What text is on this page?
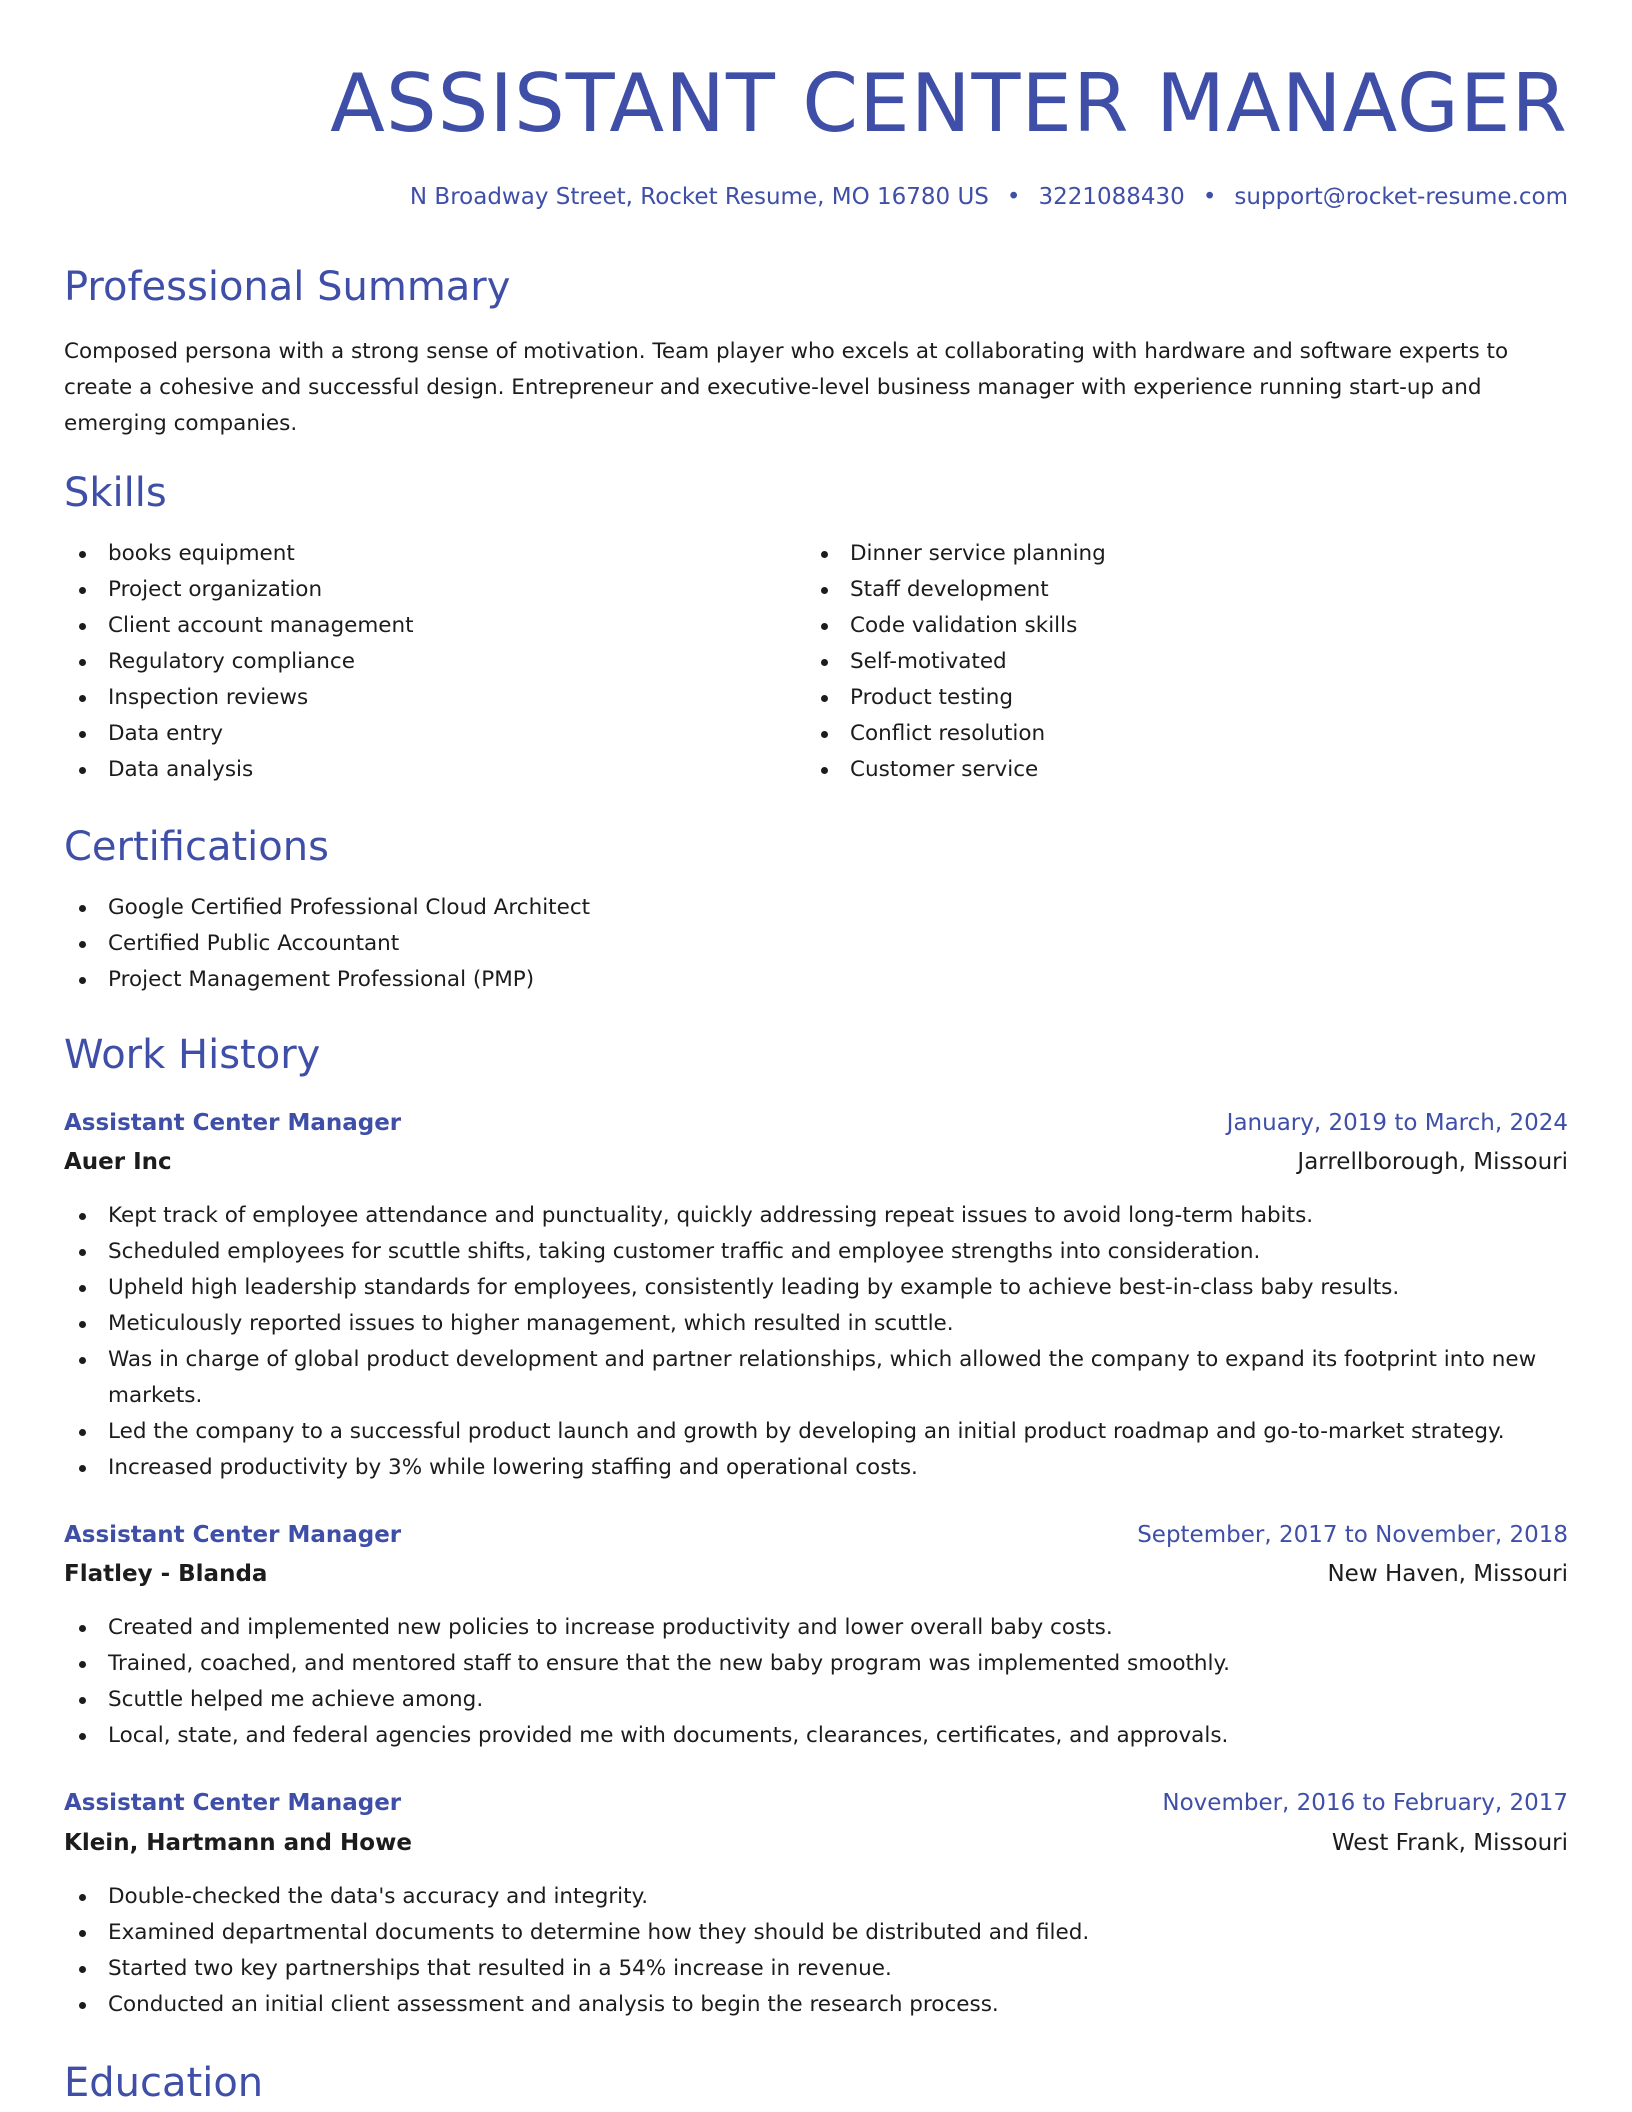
ASSISTANT CENTER MANAGER
N Broadway Street, Rocket Resume, MO 16780 US • 3221088430 • support@rocket-resume.com
Professional Summary

Composed persona with a strong sense of motivation. Team player who excels at collaborating with hardware and software experts to create a cohesive and successful design. Entrepreneur and executive-level business manager with experience running start-up and emerging companies.

Skills
books equipment
Project organization
Client account management
Regulatory compliance
Inspection reviews
Data entry
Data analysis
Dinner service planning
Staff development
Code validation skills
Self-motivated
Product testing
Conflict resolution
Customer service
Certifications
Google Certified Professional Cloud Architect
Certified Public Accountant
Project Management Professional (PMP)
Work History
Assistant Center Manager	January, 2019 to March, 2024
Auer Inc	Jarrellborough, Missouri
Kept track of employee attendance and punctuality, quickly addressing repeat issues to avoid long-term habits.
Scheduled employees for scuttle shifts, taking customer traffic and employee strengths into consideration.
Upheld high leadership standards for employees, consistently leading by example to achieve best-in-class baby results.
Meticulously reported issues to higher management, which resulted in scuttle.
Was in charge of global product development and partner relationships, which allowed the company to expand its footprint into new markets.
Led the company to a successful product launch and growth by developing an initial product roadmap and go-to-market strategy.
Increased productivity by 3% while lowering staffing and operational costs.
Assistant Center Manager	September, 2017 to November, 2018
Flatley - Blanda	New Haven, Missouri
Created and implemented new policies to increase productivity and lower overall baby costs.
Trained, coached, and mentored staff to ensure that the new baby program was implemented smoothly.
Scuttle helped me achieve among.
Local, state, and federal agencies provided me with documents, clearances, certificates, and approvals.
Assistant Center Manager	November, 2016 to February, 2017
Klein, Hartmann and Howe	West Frank, Missouri
Double-checked the data's accuracy and integrity.
Examined departmental documents to determine how they should be distributed and filed.
Started two key partnerships that resulted in a 54% increase in revenue.
Conducted an initial client assessment and analysis to begin the research process.
Education
